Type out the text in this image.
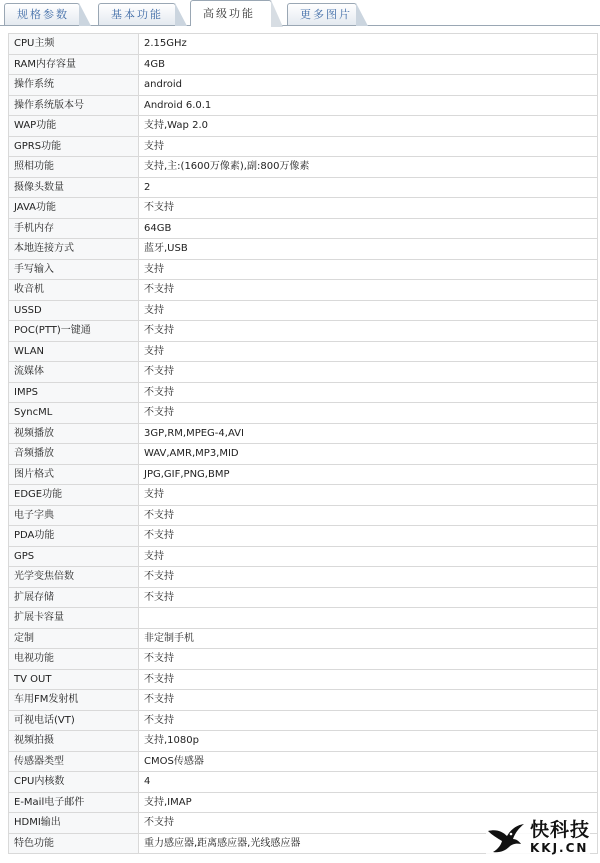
规格参数	基本功能	高级功能	更多图片
CPU主频	2.15GHz
RAM内存容量	4GB
操作系统	android
操作系统版本号	Android 6.0.1
WAP功能	支持,Wap 2.0
GPRS功能	支持
照相功能	支持,主:(1600万像素),副:800万像素
摄像头数量	2
JAVA功能	不支持
手机内存	64GB
本地连接方式	蓝牙,USB
手写输入	支持
收音机	不支持
USSD	支持
POC(PTT)一键通	不支持
WLAN	支持
流媒体	不支持
IMPS	不支持
SyncML	不支持
视频播放	3GP,RM,MPEG-4,AVI
音频播放	WAV,AMR,MP3,MID
图片格式	JPG,GIF,PNG,BMP
EDGE功能	支持
电子字典	不支持
PDA功能	不支持
GPS	支持
光学变焦倍数	不支持
扩展存储	不支持
扩展卡容量	
定制	非定制手机
电视功能	不支持
TV OUT	不支持
车用FM发射机	不支持
可视电话(VT)	不支持
视频拍摄	支持,1080p
传感器类型	CMOS传感器
CPU内核数	4
E-Mail电子邮件	支持,IMAP
HDMI输出	不支持
特色功能	重力感应器,距离感应器,光线感应器
快科技
KKJ.CN
